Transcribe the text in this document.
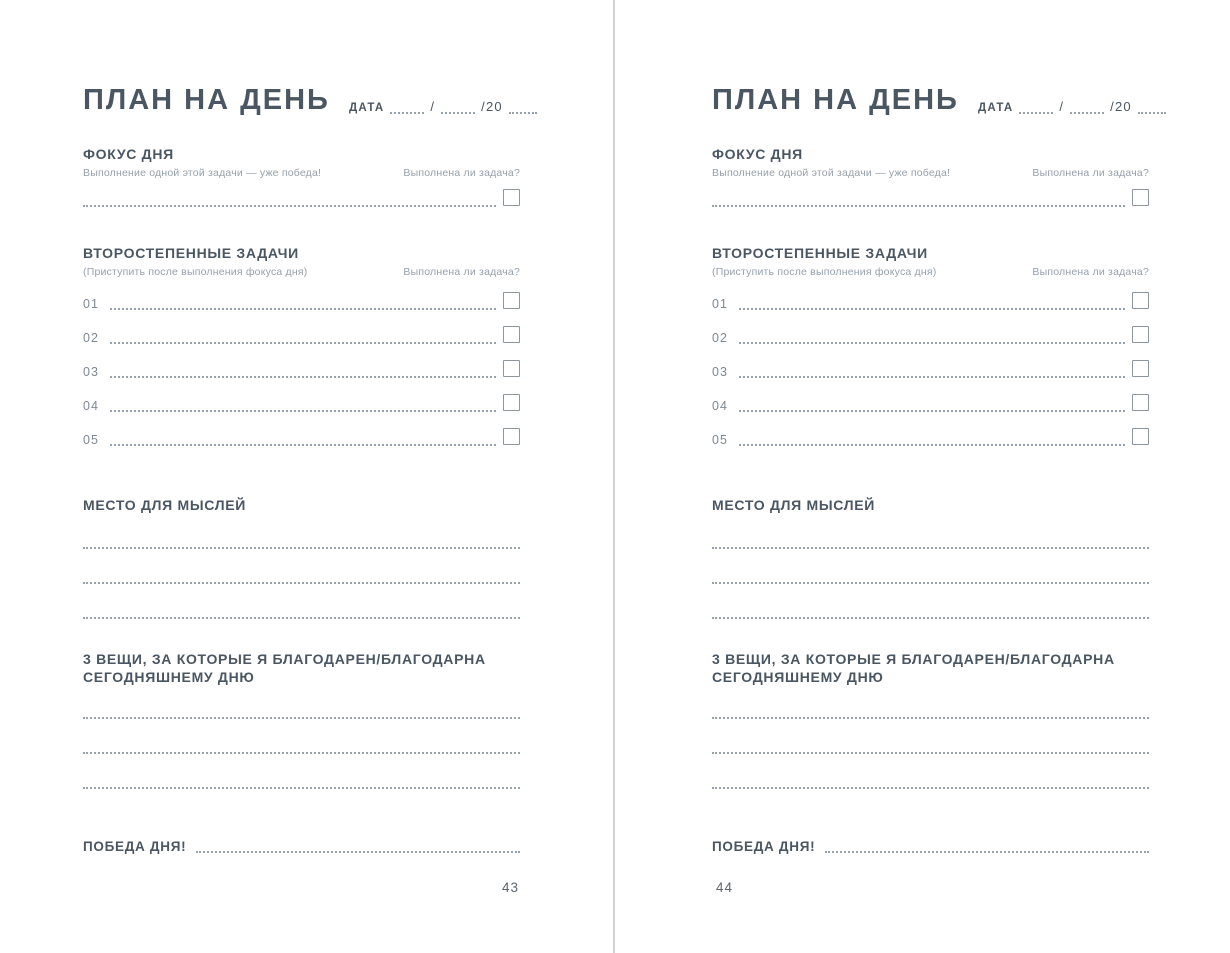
ПЛАН НА ДЕНЬ ДАТА	/	/20
ФОКУС ДНЯ
Выполнение одной этой задачи — уже победа!	Выполнена ли задача?
ВТОРОСТЕПЕННЫЕ ЗАДАЧИ
(Приступить после выполнения фокуса дня)	Выполнена ли задача?
01
02
03
04
05
МЕСТО ДЛЯ МЫСЛЕЙ
3 ВЕЩИ, ЗА КОТОРЫЕ Я БЛАГОДАРЕН/БЛАГОДАРНА СЕГОДНЯШНЕМУ ДНЮ
ПОБЕДА ДНЯ!
43
ПЛАН НА ДЕНЬ ДАТА	/	/20
ФОКУС ДНЯ
Выполнение одной этой задачи — уже победа!	Выполнена ли задача?
ВТОРОСТЕПЕННЫЕ ЗАДАЧИ
(Приступить после выполнения фокуса дня)	Выполнена ли задача?
01
02
03
04
05
МЕСТО ДЛЯ МЫСЛЕЙ
3 ВЕЩИ, ЗА КОТОРЫЕ Я БЛАГОДАРЕН/БЛАГОДАРНА СЕГОДНЯШНЕМУ ДНЮ
ПОБЕДА ДНЯ!
44
